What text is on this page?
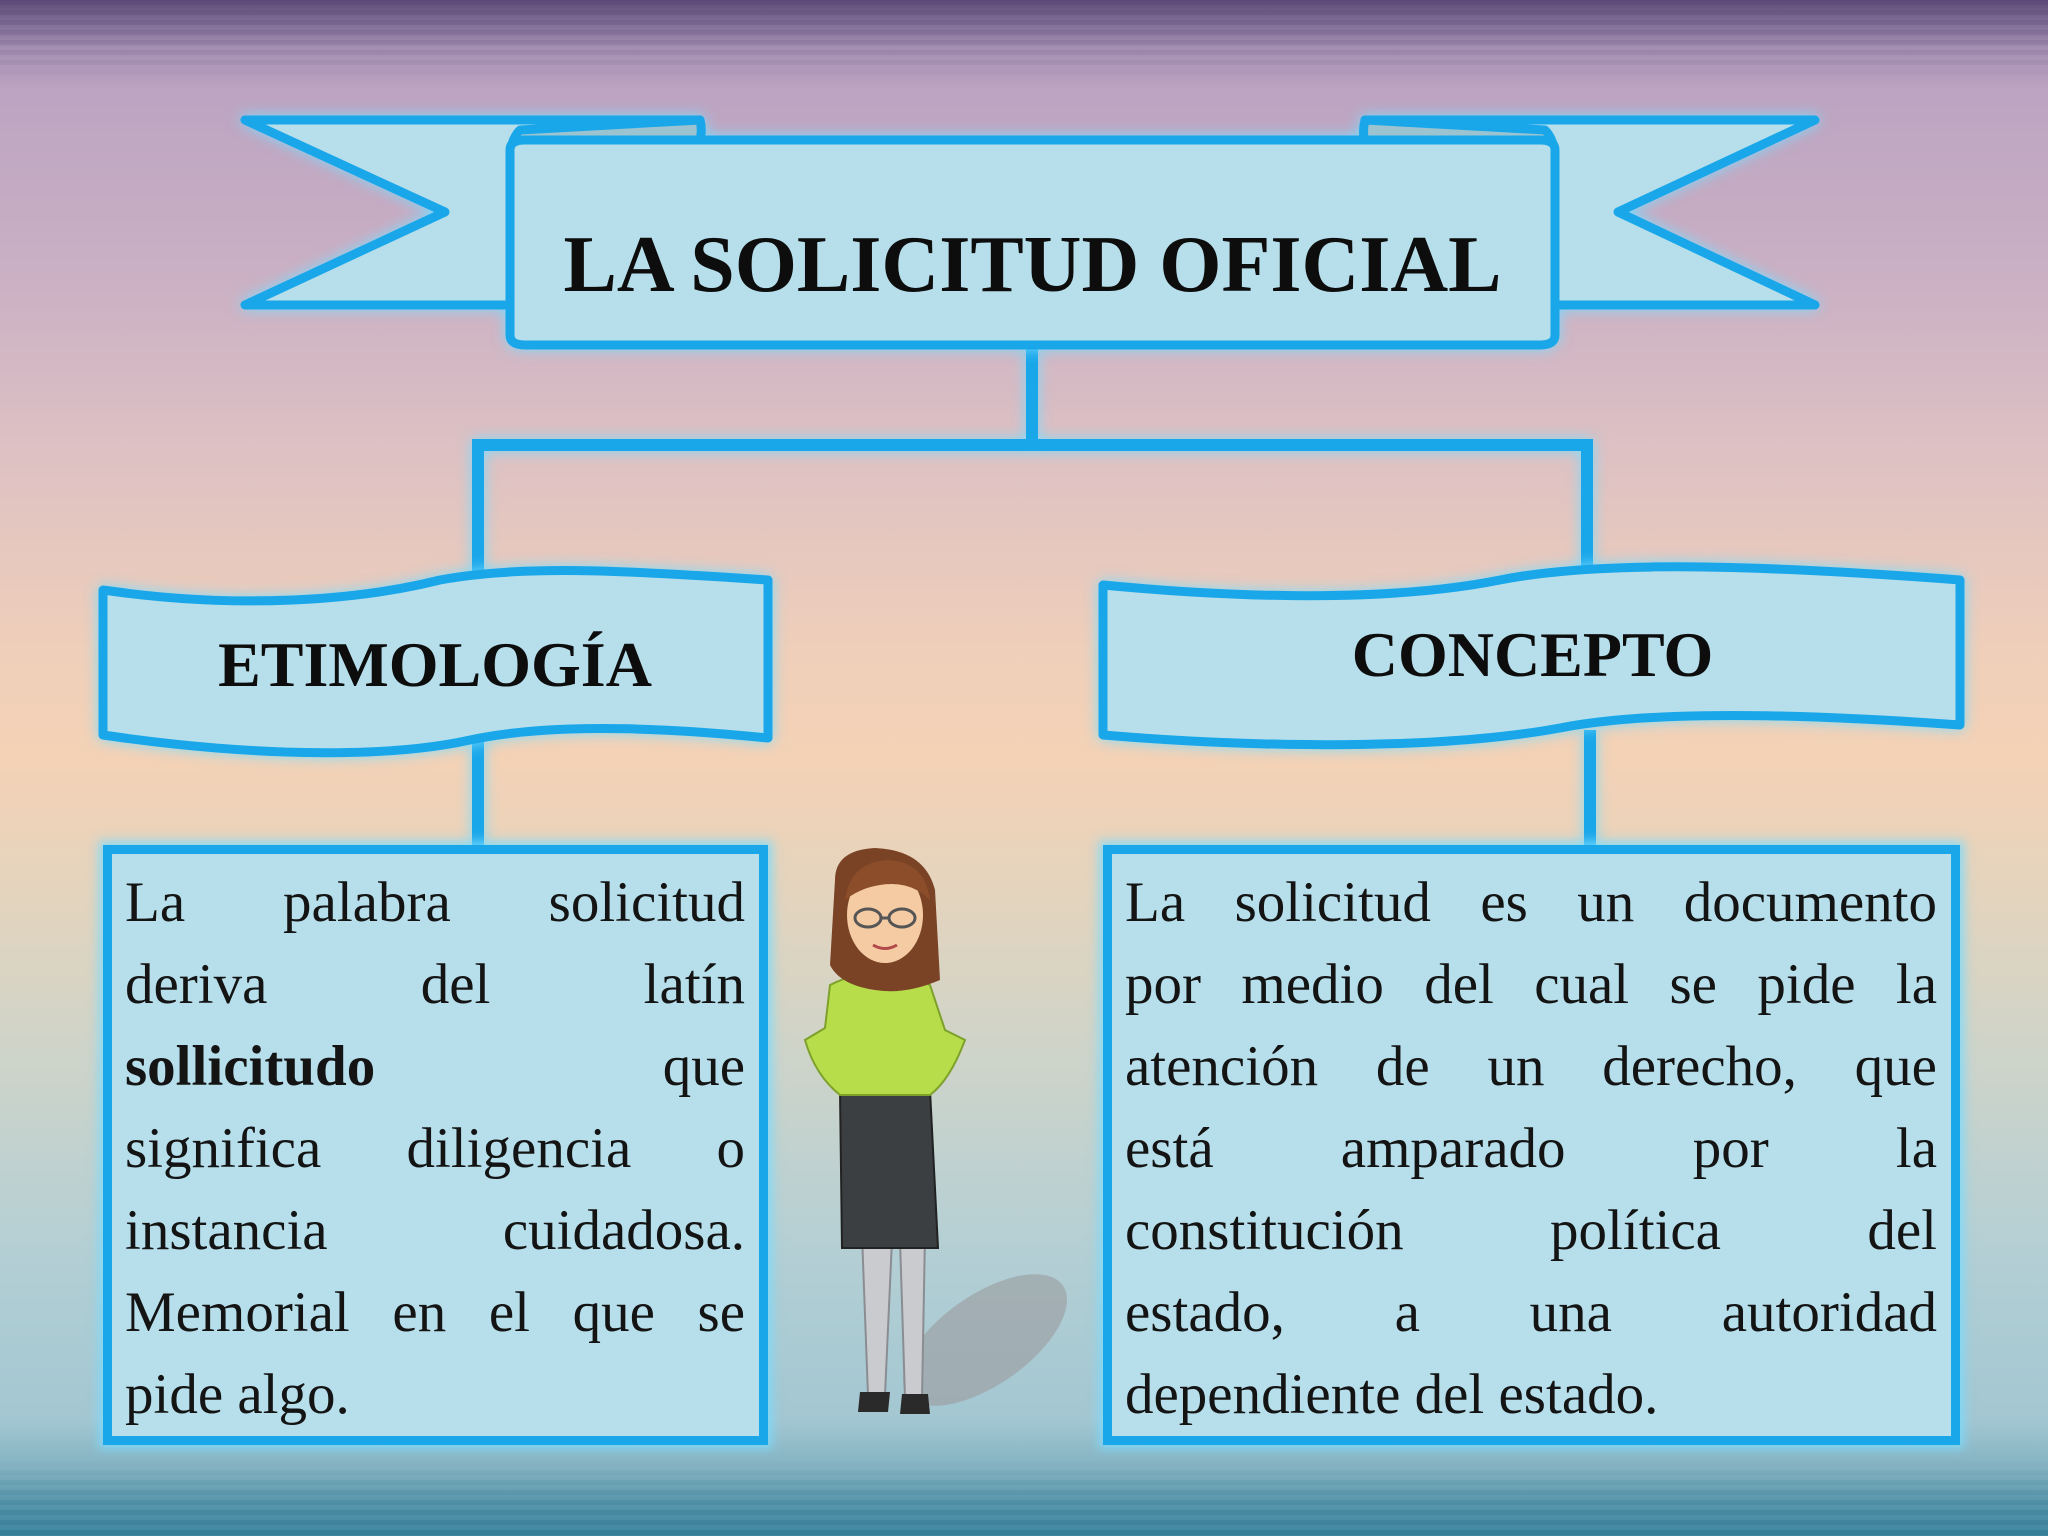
LA SOLICITUD OFICIAL
ETIMOLOGÍA	CONCEPTO
La palabra solicitud
deriva del latín
sollicitudo	que
significa diligencia o
instancia cuidadosa.
Memorial en el que se
pide algo.
La solicitud es un documento
por medio del cual se pide la
atención de un derecho, que
está amparado por la
constitución política del
estado, a una autoridad
dependiente del estado.
